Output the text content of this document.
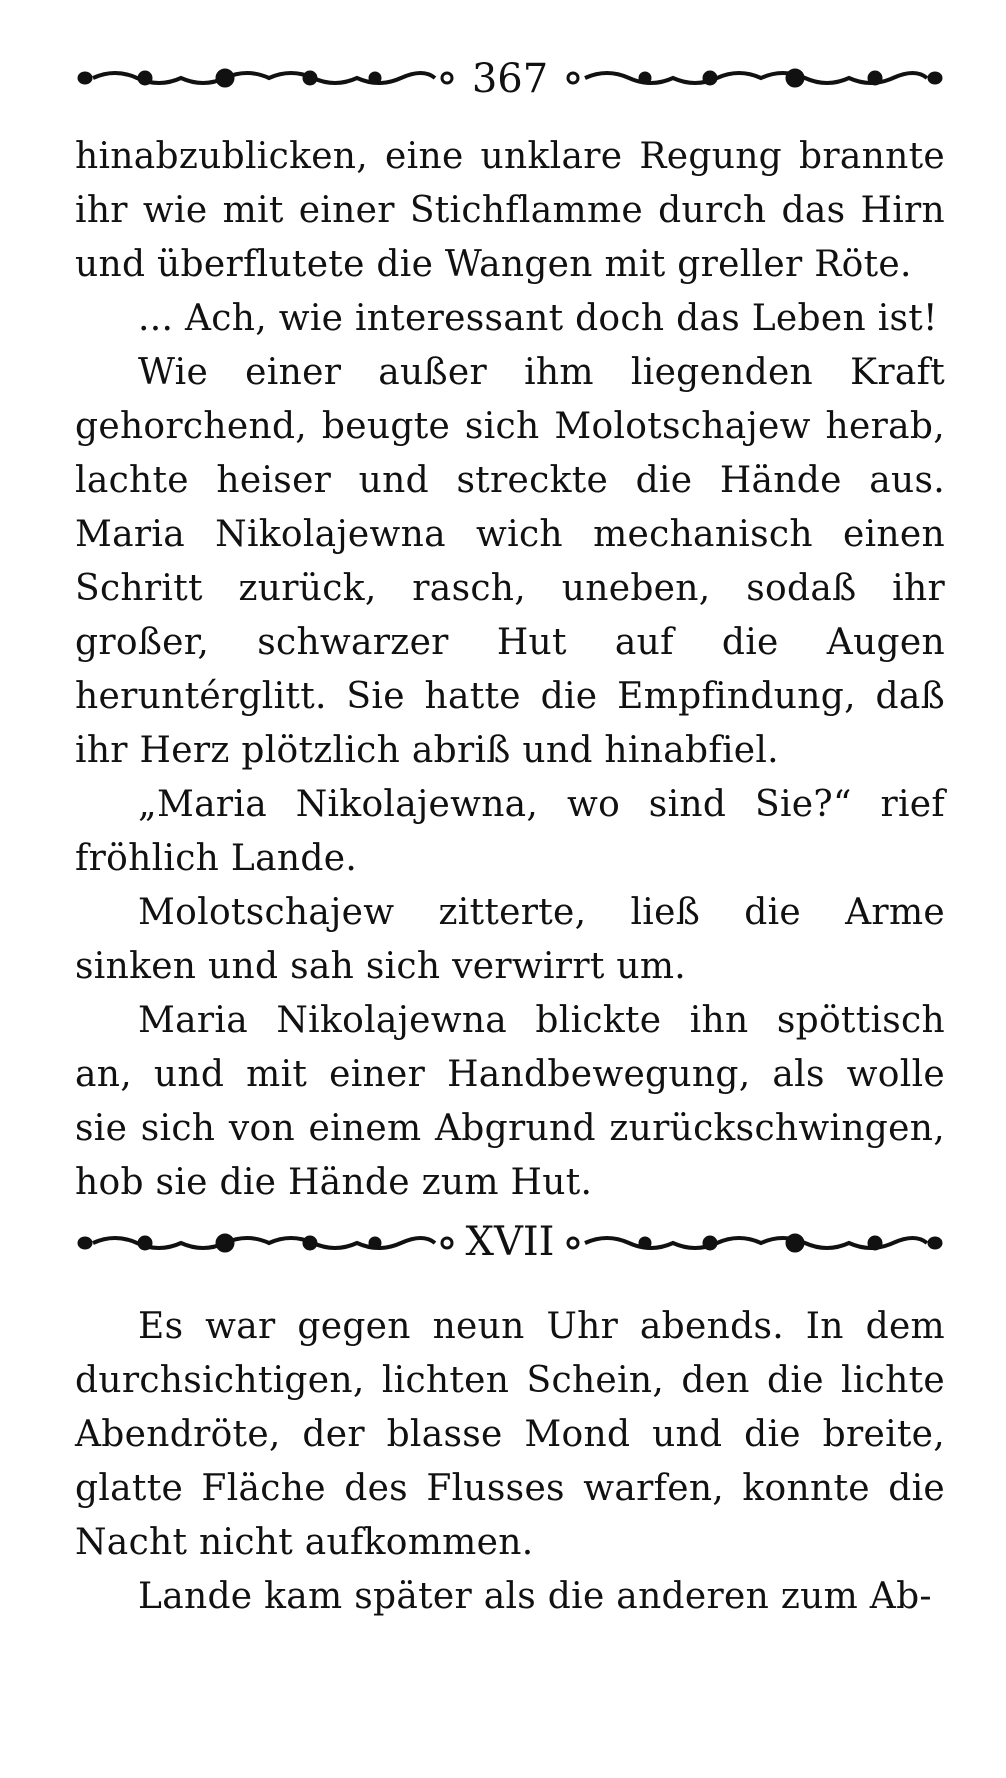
367

hinabzublicken, eine unklare Regung brannte ihr wie mit einer Stichflamme durch das Hirn und überflutete die Wangen mit greller Röte.

... Ach, wie interessant doch das Leben ist!

Wie einer außer ihm liegenden Kraft gehorchend, beugte sich Molotschajew herab, lachte heiser und streckte die Hände aus. Maria Nikolajewna wich mechanisch einen Schritt zurück, rasch, uneben, sodaß ihr großer, schwarzer Hut auf die Augen heruntérglitt. Sie hatte die Empfindung, daß ihr Herz plötzlich abriß und hinabfiel.

„Maria Nikolajewna, wo sind Sie?“ rief fröhlich Lande.

Molotschajew zitterte, ließ die Arme sinken und sah sich verwirrt um.

Maria Nikolajewna blickte ihn spöttisch an, und mit einer Handbewegung, als wolle sie sich von einem Abgrund zurückschwingen, hob sie die Hände zum Hut.

XVII

Es war gegen neun Uhr abends. In dem durchsichtigen, lichten Schein, den die lichte Abendröte, der blasse Mond und die breite, glatte Fläche des Flusses warfen, konnte die Nacht nicht aufkommen.

Lande kam später als die anderen zum Ab-
